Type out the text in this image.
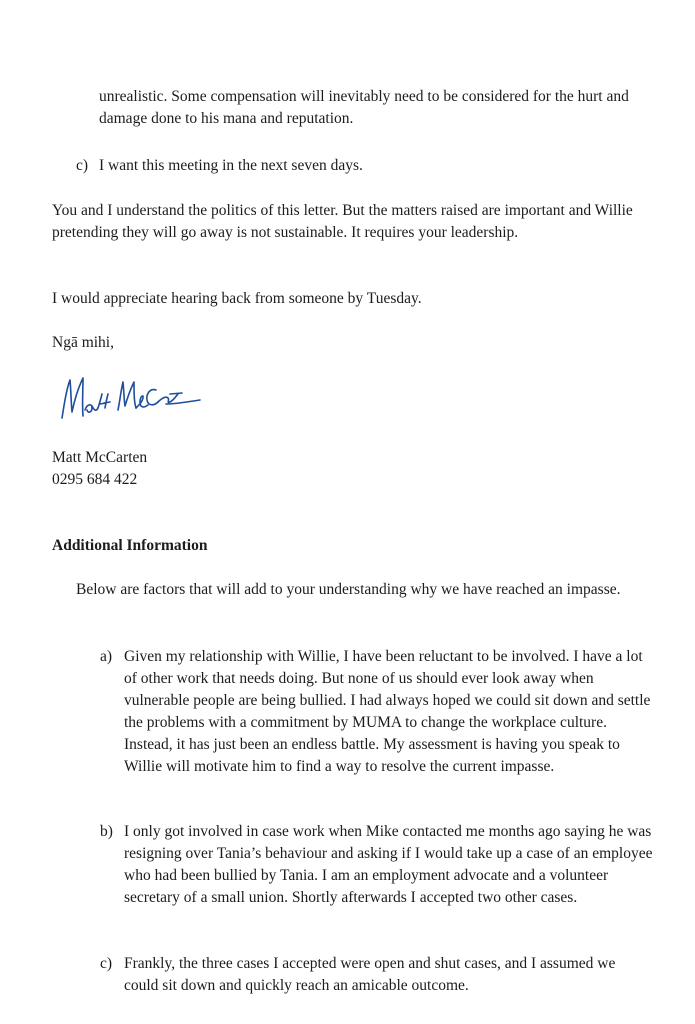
unrealistic. Some compensation will inevitably need to be considered for the hurt and damage done to his mana and reputation.
c) I want this meeting in the next seven days.
You and I understand the politics of this letter. But the matters raised are important and Willie pretending they will go away is not sustainable. It requires your leadership.
I would appreciate hearing back from someone by Tuesday.
Ngā mihi,
Matt McCarten
0295 684 422
Additional Information
Below are factors that will add to your understanding why we have reached an impasse.
a) Given my relationship with Willie, I have been reluctant to be involved. I have a lot of other work that needs doing. But none of us should ever look away when vulnerable people are being bullied. I had always hoped we could sit down and settle the problems with a commitment by MUMA to change the workplace culture. Instead, it has just been an endless battle. My assessment is having you speak to Willie will motivate him to find a way to resolve the current impasse.
b) I only got involved in case work when Mike contacted me months ago saying he was resigning over Tania’s behaviour and asking if I would take up a case of an employee who had been bullied by Tania. I am an employment advocate and a volunteer secretary of a small union. Shortly afterwards I accepted two other cases.
c) Frankly, the three cases I accepted were open and shut cases, and I assumed we could sit down and quickly reach an amicable outcome.
